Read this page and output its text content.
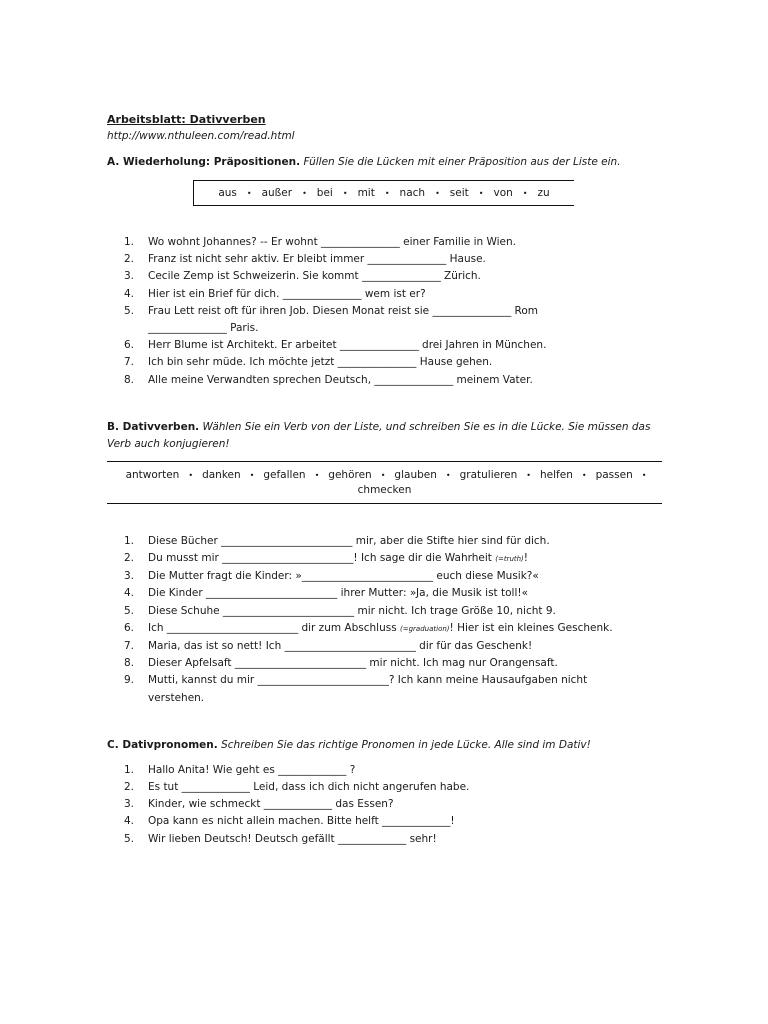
Arbeitsblatt: Dativverben
http://www.nthuleen.com/read.html
A. Wiederholung: Präpositionen. Füllen Sie die Lücken mit einer Präposition aus der Liste ein.
aus	• außer	• bei	• mit	• nach	• seit	• von	• zu
1.	Wo wohnt Johannes? -- Er wohnt _______________ einer Familie in Wien.
2.	Franz ist nicht sehr aktiv. Er bleibt immer _______________ Hause.
3.	Cecile Zemp ist Schweizerin. Sie kommt _______________ Zürich.
4.	Hier ist ein Brief für dich. _______________ wem ist er?
5.	Frau Lett reist oft für ihren Job. Diesen Monat reist sie _______________ Rom
_______________ Paris.
6.	Herr Blume ist Architekt. Er arbeitet _______________ drei Jahren in München.
7.	Ich bin sehr müde. Ich möchte jetzt _______________ Hause gehen.
8.	Alle meine Verwandten sprechen Deutsch, _______________ meinem Vater.
B. Dativverben. Wählen Sie ein Verb von der Liste, und schreiben Sie es in die Lücke. Sie müssen das Verb auch konjugieren!
antworten • danken • gefallen • gehören • glauben • gratulieren • helfen • passen •
chmecken
1.	Diese Bücher _________________________ mir, aber die Stifte hier sind für dich.
2.	Du musst mir _________________________! Ich sage dir die Wahrheit (=truth)!
3.	Die Mutter fragt die Kinder: »_________________________ euch diese Musik?«
4.	Die Kinder _________________________ ihrer Mutter: »Ja, die Musik ist toll!«
5.	Diese Schuhe _________________________ mir nicht. Ich trage Größe 10, nicht 9.
6.	Ich _________________________ dir zum Abschluss (=graduation)! Hier ist ein kleines Geschenk.
7.	Maria, das ist so nett! Ich _________________________ dir für das Geschenk!
8.	Dieser Apfelsaft _________________________ mir nicht. Ich mag nur Orangensaft.
9.	Mutti, kannst du mir _________________________? Ich kann meine Hausaufgaben nicht
verstehen.
C. Dativpronomen. Schreiben Sie das richtige Pronomen in jede Lücke. Alle sind im Dativ!
1.	Hallo Anita! Wie geht es _____________ ?
2.	Es tut _____________ Leid, dass ich dich nicht angerufen habe.
3.	Kinder, wie schmeckt _____________ das Essen?
4.	Opa kann es nicht allein machen. Bitte helft _____________!
5.	Wir lieben Deutsch! Deutsch gefällt _____________ sehr!
